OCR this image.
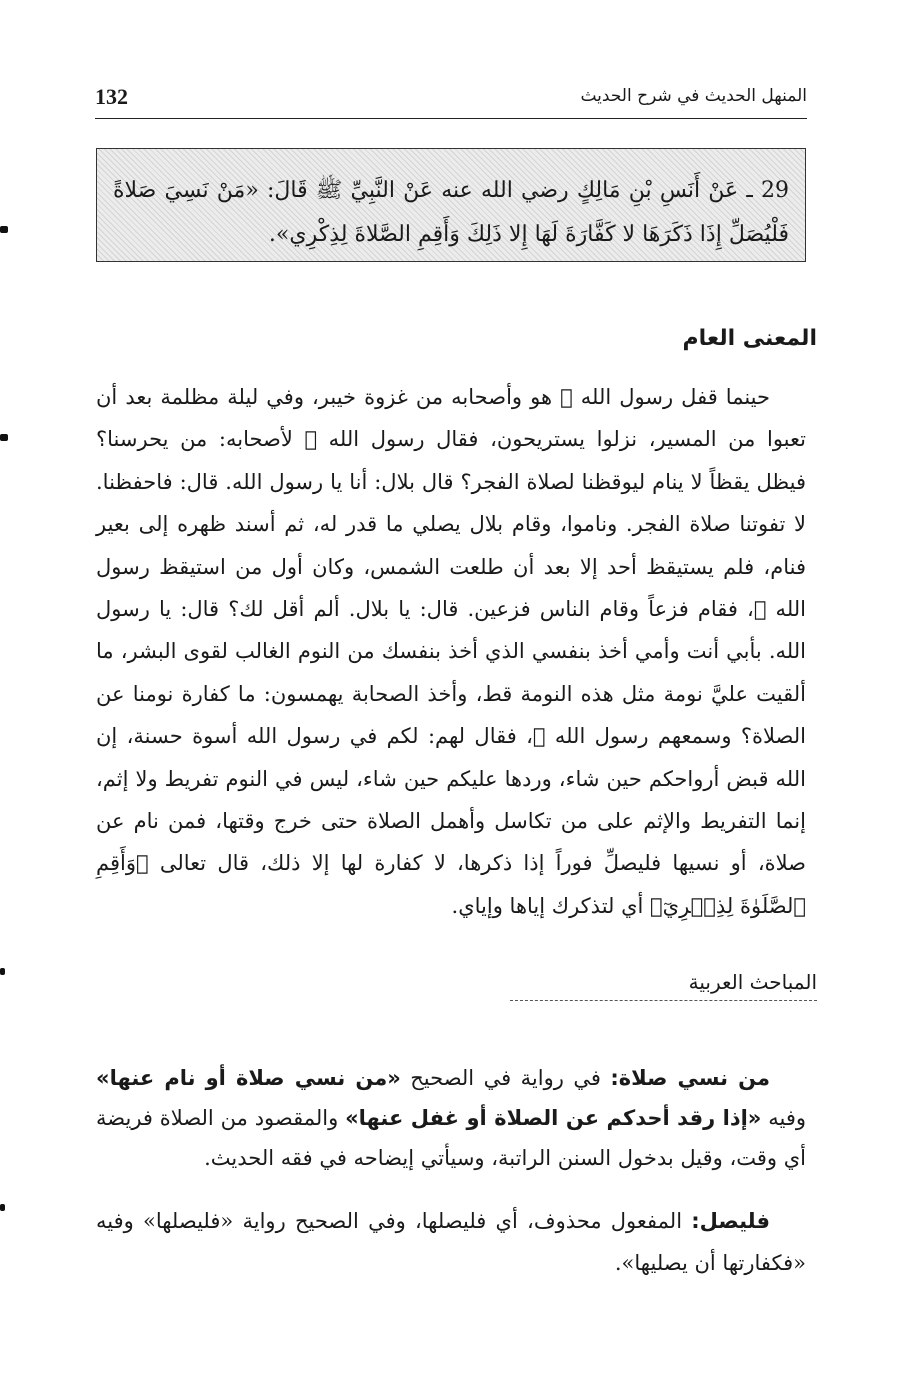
132	المنهل الحديث في شرح الحديث
29 ـ عَنْ أَنَسِ بْنِ مَالِكٍ رضي الله عنه عَنْ النَّبِيِّ ﷺ قَالَ: «مَنْ نَسِيَ صَلاةً فَلْيُصَلِّ إِذَا ذَكَرَهَا لا كَفَّارَةَ لَهَا إِلا ذَلِكَ وَأَقِمِ الصَّلاةَ لِذِكْرِي».
المعنى العام

حينما قفل رسول الله ﷺ هو وأصحابه من غزوة خيبر، وفي ليلة مظلمة بعد أن تعبوا من المسير، نزلوا يستريحون، فقال رسول الله ﷺ لأصحابه: من يحرسنا؟ فيظل يقظاً لا ينام ليوقظنا لصلاة الفجر؟ قال بلال: أنا يا رسول الله. قال: فاحفظنا. لا تفوتنا صلاة الفجر. وناموا، وقام بلال يصلي ما قدر له، ثم أسند ظهره إلى بعير فنام، فلم يستيقظ أحد إلا بعد أن طلعت الشمس، وكان أول من استيقظ رسول الله ﷺ، فقام فزعاً وقام الناس فزعين. قال: يا بلال. ألم أقل لك؟ قال: يا رسول الله. بأبي أنت وأمي أخذ بنفسي الذي أخذ بنفسك من النوم الغالب لقوى البشر، ما ألقيت عليَّ نومة مثل هذه النومة قط، وأخذ الصحابة يهمسون: ما كفارة نومنا عن الصلاة؟ وسمعهم رسول الله ﷺ، فقال لهم: لكم في رسول الله أسوة حسنة، إن الله قبض أرواحكم حين شاء، وردها عليكم حين شاء، ليس في النوم تفريط ولا إثم، إنما التفريط والإثم على من تكاسل وأهمل الصلاة حتى خرج وقتها، فمن نام عن صلاة، أو نسيها فليصلِّ فوراً إذا ذكرها، لا كفارة لها إلا ذلك، قال تعالى ﴿وَأَقِمِ ٱلصَّلَوٰةَ لِذِكۡرِيٓ﴾ أي لتذكرك إياها وإياي.

المباحث العربية

من نسي صلاة: في رواية في الصحيح «من نسي صلاة أو نام عنها» وفيه «إذا رقد أحدكم عن الصلاة أو غفل عنها» والمقصود من الصلاة فريضة أي وقت، وقيل بدخول السنن الراتبة، وسيأتي إيضاحه في فقه الحديث.

فليصل: المفعول محذوف، أي فليصلها، وفي الصحيح رواية «فليصلها» وفيه «فكفارتها أن يصليها».
